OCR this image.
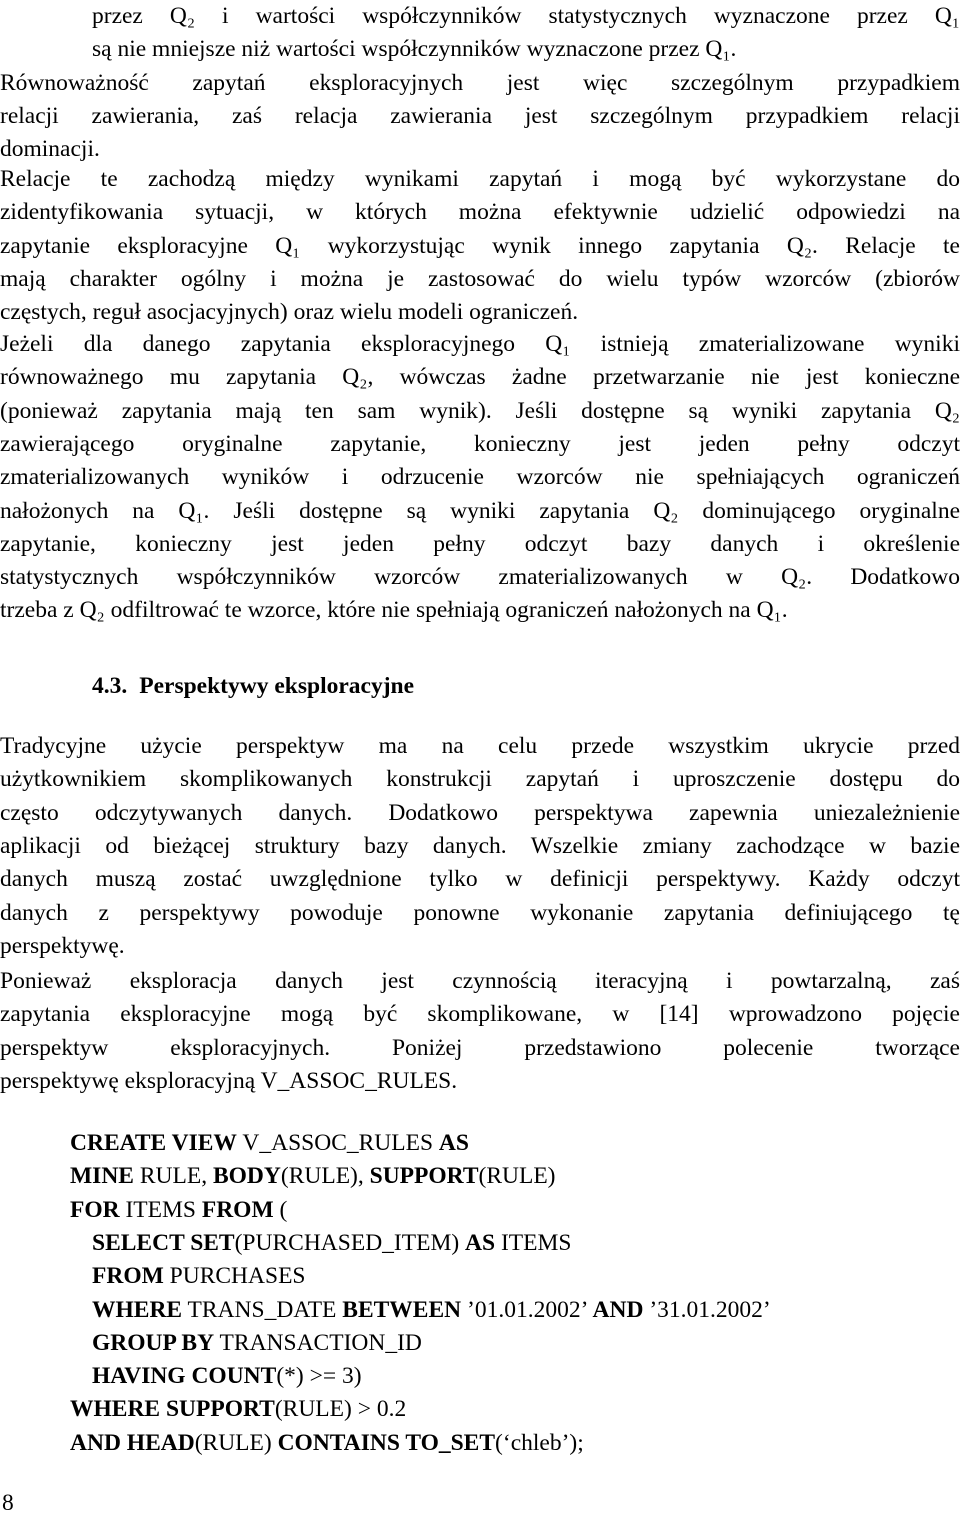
przez Q₂ i wartości współczynników statystycznych wyznaczone przez Q₁
są nie mniejsze niż wartości współczynników wyznaczone przez Q₁.
Równoważność zapytań eksploracyjnych jest więc szczególnym przypadkiem
relacji zawierania, zaś relacja zawierania jest szczególnym przypadkiem relacji
dominacji.
Relacje te zachodzą między wynikami zapytań i mogą być wykorzystane do
zidentyfikowania sytuacji, w których można efektywnie udzielić odpowiedzi na
zapytanie eksploracyjne Q₁ wykorzystując wynik innego zapytania Q₂. Relacje te
mają charakter ogólny i można je zastosować do wielu typów wzorców (zbiorów
częstych, reguł asocjacyjnych) oraz wielu modeli ograniczeń.
Jeżeli dla danego zapytania eksploracyjnego Q₁ istnieją zmaterializowane wyniki
równoważnego mu zapytania Q₂, wówczas żadne przetwarzanie nie jest konieczne
(ponieważ zapytania mają ten sam wynik). Jeśli dostępne są wyniki zapytania Q₂
zawierającego oryginalne zapytanie, konieczny jest jeden pełny odczyt
zmaterializowanych wyników i odrzucenie wzorców nie spełniających ograniczeń
nałożonych na Q₁. Jeśli dostępne są wyniki zapytania Q₂ dominującego oryginalne
zapytanie, konieczny jest jeden pełny odczyt bazy danych i określenie
statystycznych współczynników wzorców zmaterializowanych w Q₂. Dodatkowo
trzeba z Q₂ odfiltrować te wzorce, które nie spełniają ograniczeń nałożonych na Q₁.
Tradycyjne użycie perspektyw ma na celu przede wszystkim ukrycie przed
użytkownikiem skomplikowanych konstrukcji zapytań i uproszczenie dostępu do
często odczytywanych danych. Dodatkowo perspektywa zapewnia uniezależnienie
aplikacji od bieżącej struktury bazy danych. Wszelkie zmiany zachodzące w bazie
danych muszą zostać uwzględnione tylko w definicji perspektywy. Każdy odczyt
danych z perspektywy powoduje ponowne wykonanie zapytania definiującego tę
perspektywę.
Ponieważ eksploracja danych jest czynnością iteracyjną i powtarzalną, zaś
zapytania eksploracyjne mogą być skomplikowane, w [14] wprowadzono pojęcie
perspektyw eksploracyjnych. Poniżej przedstawiono polecenie tworzące
perspektywę eksploracyjną V_ASSOC_RULES.
4.3. Perspektywy eksploracyjne
CREATE VIEW V_ASSOC_RULES AS
MINE RULE, BODY(RULE), SUPPORT(RULE)
FOR ITEMS FROM (
SELECT SET(PURCHASED_ITEM) AS ITEMS
FROM PURCHASES
WHERE TRANS_DATE BETWEEN ’01.01.2002’ AND ’31.01.2002’
GROUP BY TRANSACTION_ID
HAVING COUNT(*) >= 3)
WHERE SUPPORT(RULE) > 0.2
AND HEAD(RULE) CONTAINS TO_SET(‘chleb’);
8
